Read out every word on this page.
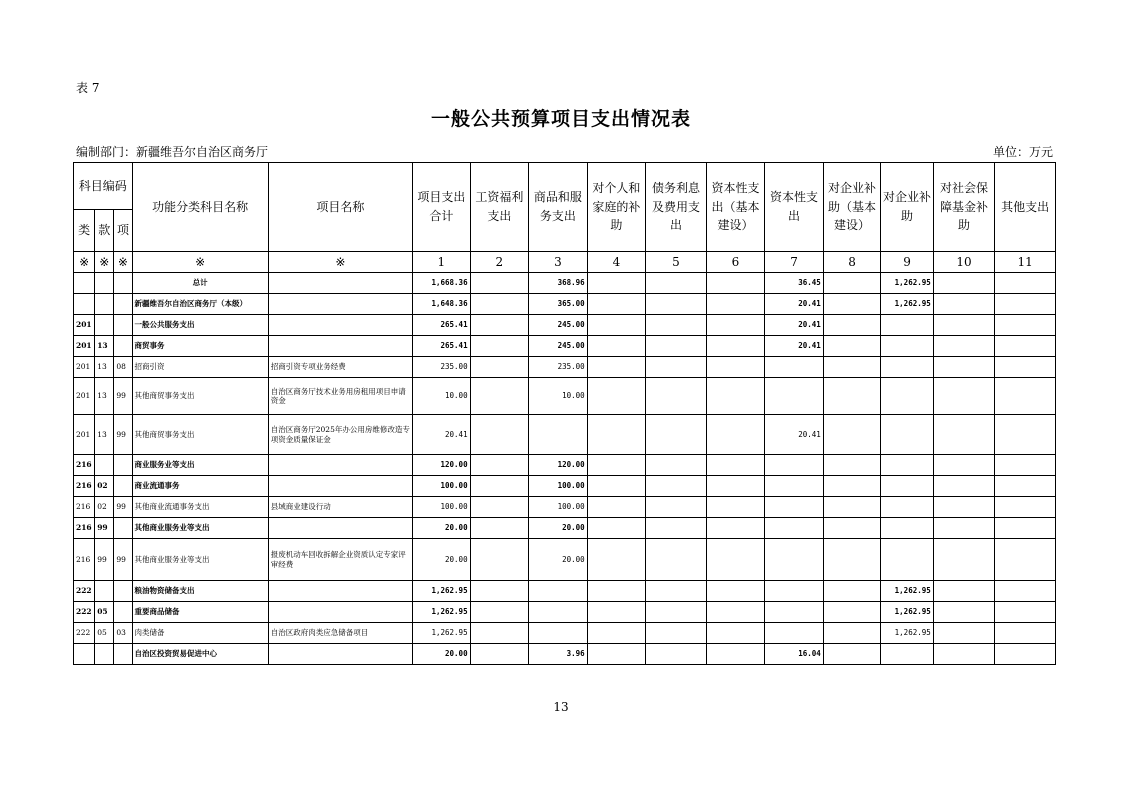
表 7
一般公共预算项目支出情况表
编制部门：新疆维吾尔自治区商务厅	单位：万元
科目编码			功能分类科目名称	项目名称	项目支出合计	工资福利支出	商品和服务支出	对个人和家庭的补助	债务利息及费用支出	资本性支出（基本建设）	资本性支出	对企业补助（基本建设）	对企业补助	对社会保障基金补助	其他支出
类	款	项													
※	※	※	※	※	1	2	3	4	5	6	7	8	9	10	11
			总计		1,668.36		368.96				36.45		1,262.95		
			新疆维吾尔自治区商务厅（本级）		1,648.36		365.00				20.41		1,262.95		
201			一般公共服务支出		265.41		245.00				20.41				
201	13		商贸事务		265.41		245.00				20.41				
201	13	08	招商引资	招商引资专项业务经费	235.00		235.00								
201	13	99	其他商贸事务支出	自治区商务厅技术业务用房租用项目申请资金	10.00		10.00								
201	13	99	其他商贸事务支出	自治区商务厅2025年办公用房维修改造专项资金质量保证金	20.41						20.41				
216			商业服务业等支出		120.00		120.00								
216	02		商业流通事务		100.00		100.00								
216	02	99	其他商业流通事务支出	县域商业建设行动	100.00		100.00								
216	99		其他商业服务业等支出		20.00		20.00								
216	99	99	其他商业服务业等支出	报废机动车回收拆解企业资质认定专家评审经费	20.00		20.00								
222			粮油物资储备支出		1,262.95								1,262.95		
222	05		重要商品储备		1,262.95								1,262.95		
222	05	03	肉类储备	自治区政府肉类应急储备项目	1,262.95								1,262.95		
			自治区投资贸易促进中心		20.00		3.96				16.04				
13
